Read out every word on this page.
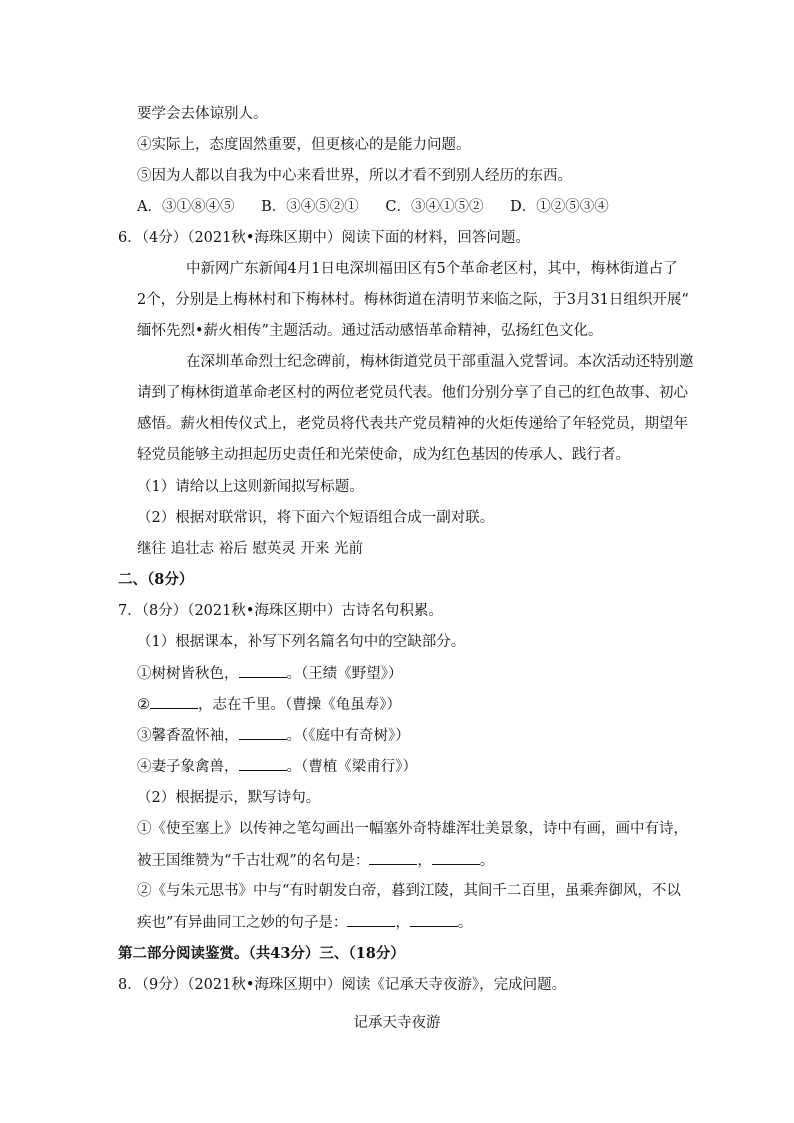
要学会去体谅别人。
④实际上，态度固然重要，但更核心的是能力问题。
⑤因为人都以自我为中心来看世界，所以才看不到别人经历的东西。
A．③①⑧④⑤ B．③④⑤②① C．③④①⑤② D．①②⑤③④
6．（4分）（2021秋•海珠区期中）阅读下面的材料，回答问题。
中新网广东新闻4月1日电深圳福田区有5个革命老区村，其中，梅林街道占了
2个，分别是上梅林村和下梅林村。梅林街道在清明节来临之际，于3月31日组织开展“
缅怀先烈•薪火相传”主题活动。通过活动感悟革命精神，弘扬红色文化。
在深圳革命烈士纪念碑前，梅林街道党员干部重温入党誓词。本次活动还特别邀
请到了梅林街道革命老区村的两位老党员代表。他们分别分享了自己的红色故事、初心
感悟。薪火相传仪式上，老党员将代表共产党员精神的火炬传递给了年轻党员，期望年
轻党员能够主动担起历史责任和光荣使命，成为红色基因的传承人、践行者。
（1）请给以上这则新闻拟写标题。
（2）根据对联常识，将下面六个短语组合成一副对联。
继往 追壮志 裕后 慰英灵 开来 光前
二、（8分）
7．（8分）（2021秋•海珠区期中）古诗名句积累。
（1）根据课本，补写下列名篇名句中的空缺部分。
①树树皆秋色，	。（王绩《野望》）
②	，志在千里。（曹操《龟虽寿》）
③馨香盈怀袖，	。（《庭中有奇树》）
④妻子象禽兽，	。（曹植《梁甫行》）
（2）根据提示，默写诗句。
①《使至塞上》以传神之笔勾画出一幅塞外奇特雄浑壮美景象，诗中有画，画中有诗，
被王国维赞为“千古壮观”的名句是：	，	。
②《与朱元思书》中与“有时朝发白帝，暮到江陵，其间千二百里，虽乘奔御风，不以
疾也”有异曲同工之妙的句子是：	，	。
第二部分阅读鉴赏。（共43分）三、（18分）
8．（9分）（2021秋•海珠区期中）阅读《记承天寺夜游》，完成问题。
记承天寺夜游
